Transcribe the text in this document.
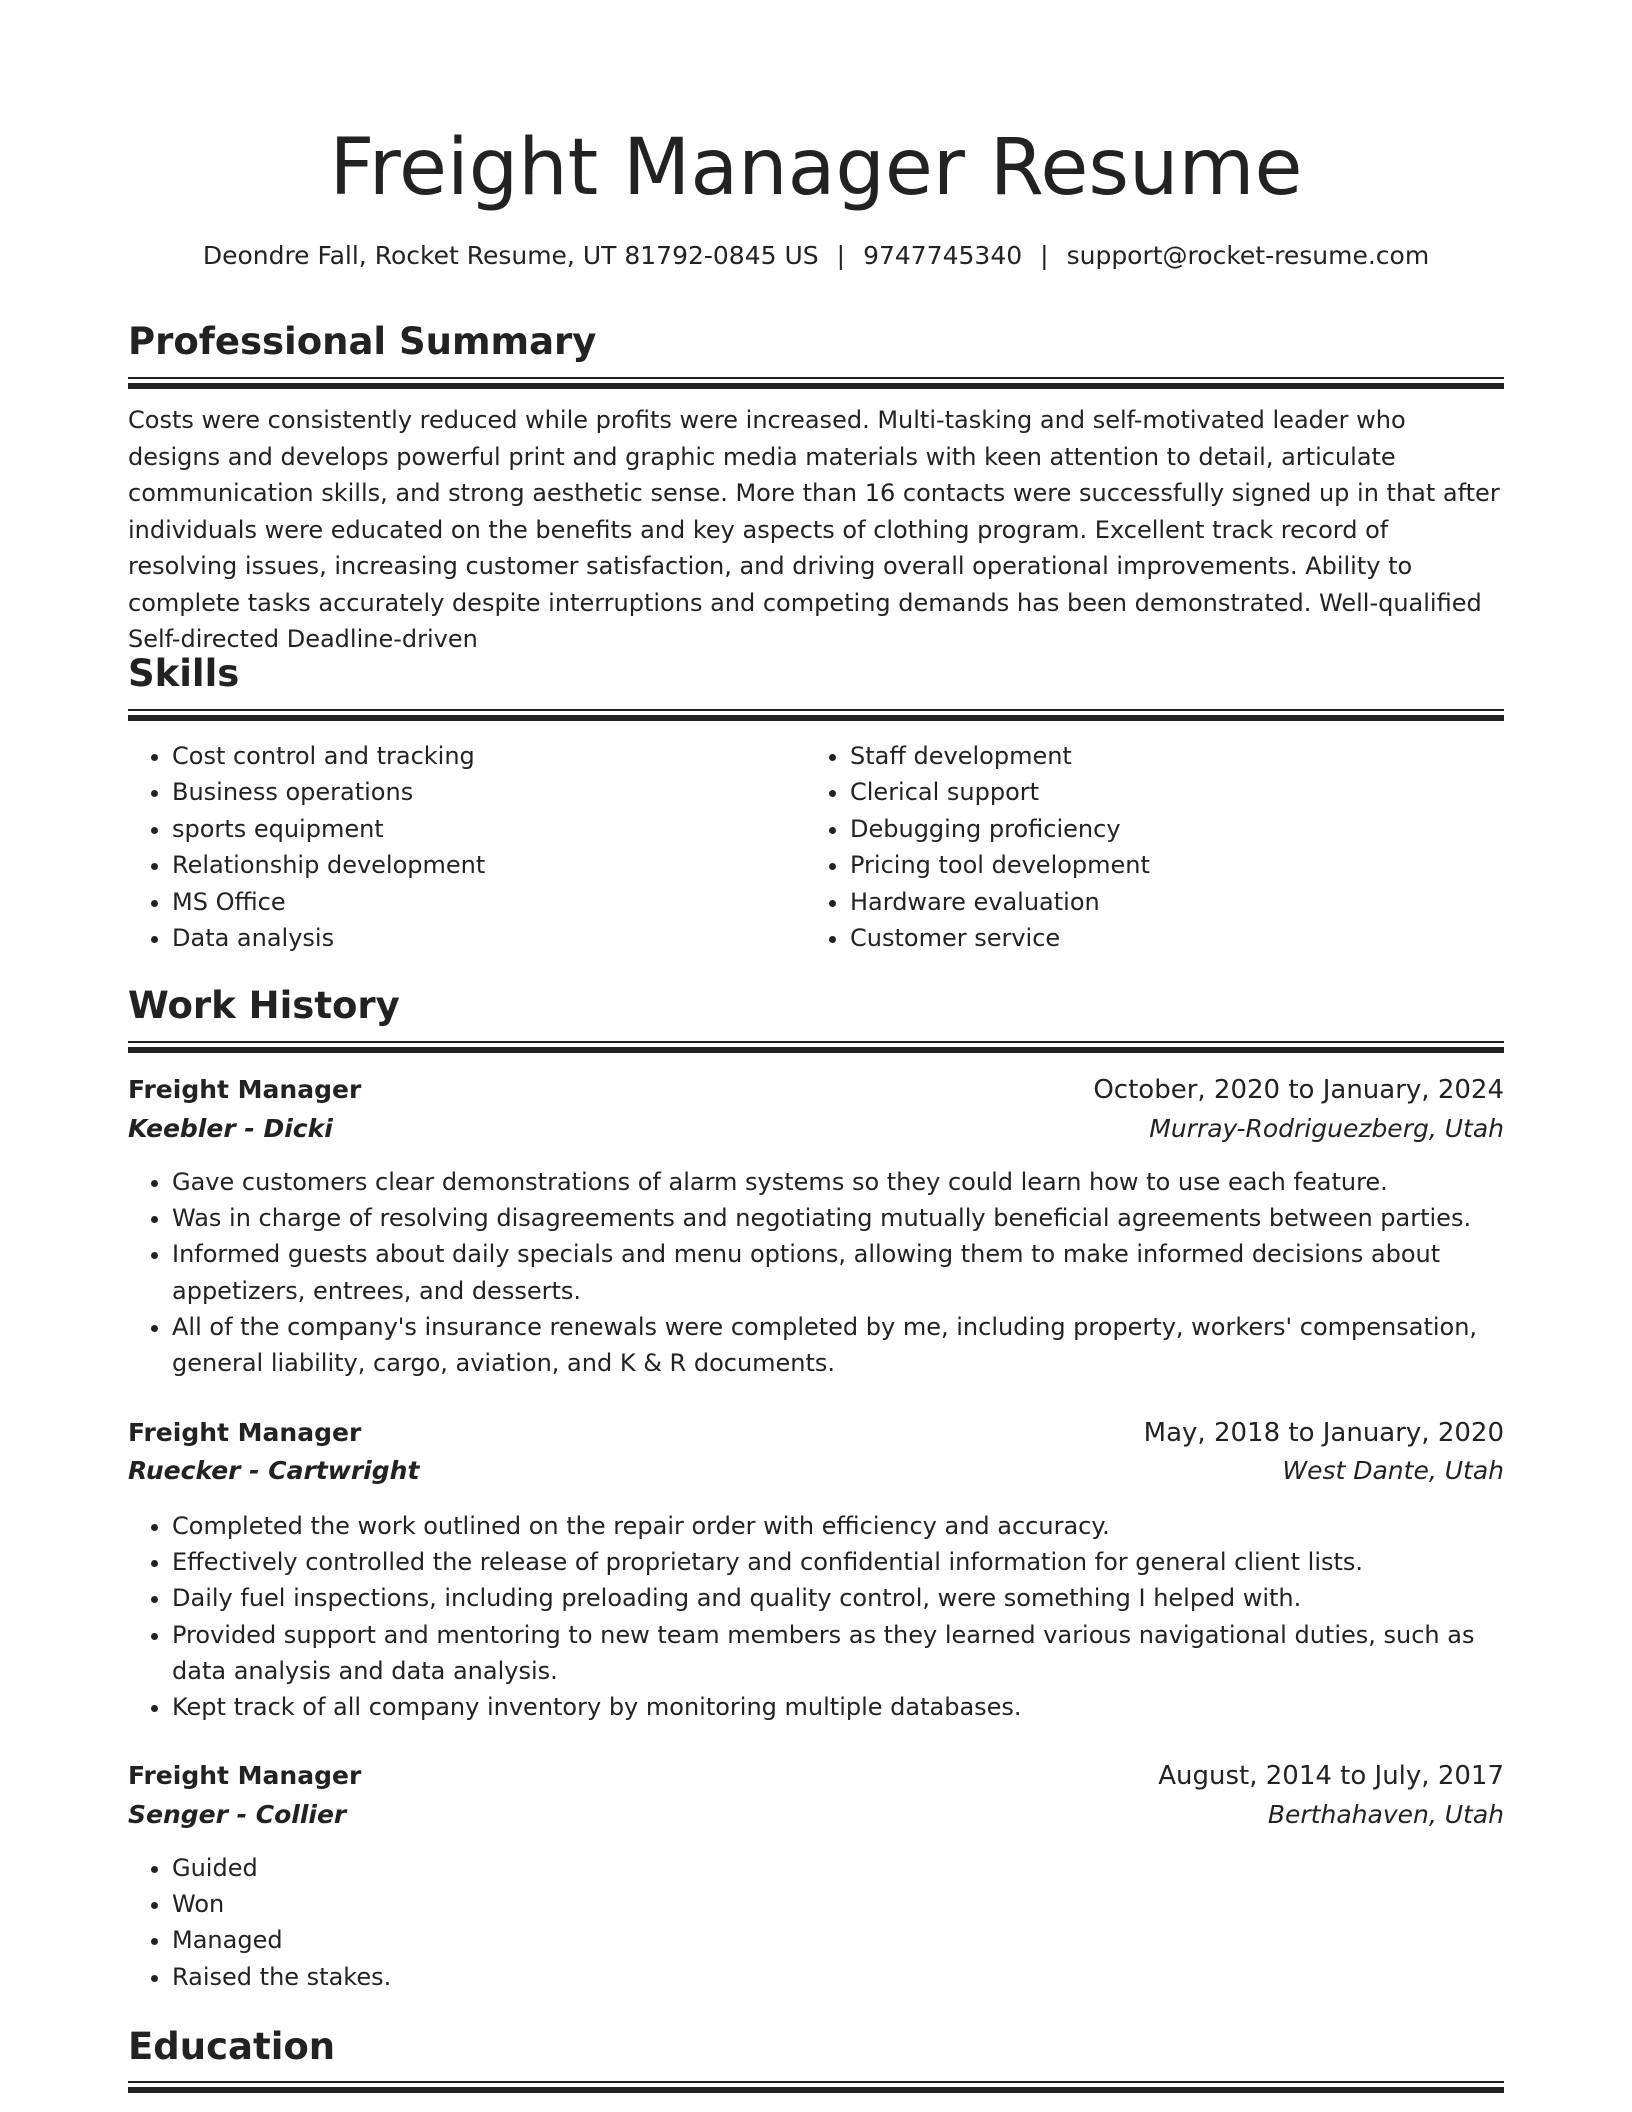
Freight Manager Resume
Deondre Fall, Rocket Resume, UT 81792-0845 US | 9747745340 | support@rocket-resume.com
Professional Summary
Costs were consistently reduced while profits were increased. Multi-tasking and self-motivated leader who designs and develops powerful print and graphic media materials with keen attention to detail, articulate communication skills, and strong aesthetic sense. More than 16 contacts were successfully signed up in that after individuals were educated on the benefits and key aspects of clothing program. Excellent track record of resolving issues, increasing customer satisfaction, and driving overall operational improvements. Ability to complete tasks accurately despite interruptions and competing demands has been demonstrated. Well-qualified Self-directed Deadline-driven
Skills
• Cost control and tracking
• Business operations
• sports equipment
• Relationship development
• MS Office
• Data analysis
• Staff development
• Clerical support
• Debugging proficiency
• Pricing tool development
• Hardware evaluation
• Customer service
Work History
Freight Manager	October, 2020 to January, 2024
Keebler - Dicki	Murray-Rodriguezberg, Utah
• Gave customers clear demonstrations of alarm systems so they could learn how to use each feature.
• Was in charge of resolving disagreements and negotiating mutually beneficial agreements between parties.
• Informed guests about daily specials and menu options, allowing them to make informed decisions about appetizers, entrees, and desserts.
• All of the company's insurance renewals were completed by me, including property, workers' compensation, general liability, cargo, aviation, and K & R documents.
Freight Manager	May, 2018 to January, 2020
Ruecker - Cartwright	West Dante, Utah
• Completed the work outlined on the repair order with efficiency and accuracy.
• Effectively controlled the release of proprietary and confidential information for general client lists.
• Daily fuel inspections, including preloading and quality control, were something I helped with.
• Provided support and mentoring to new team members as they learned various navigational duties, such as data analysis and data analysis.
• Kept track of all company inventory by monitoring multiple databases.
Freight Manager	August, 2014 to July, 2017
Senger - Collier	Berthahaven, Utah
• Guided
• Won
• Managed
• Raised the stakes.
Education
